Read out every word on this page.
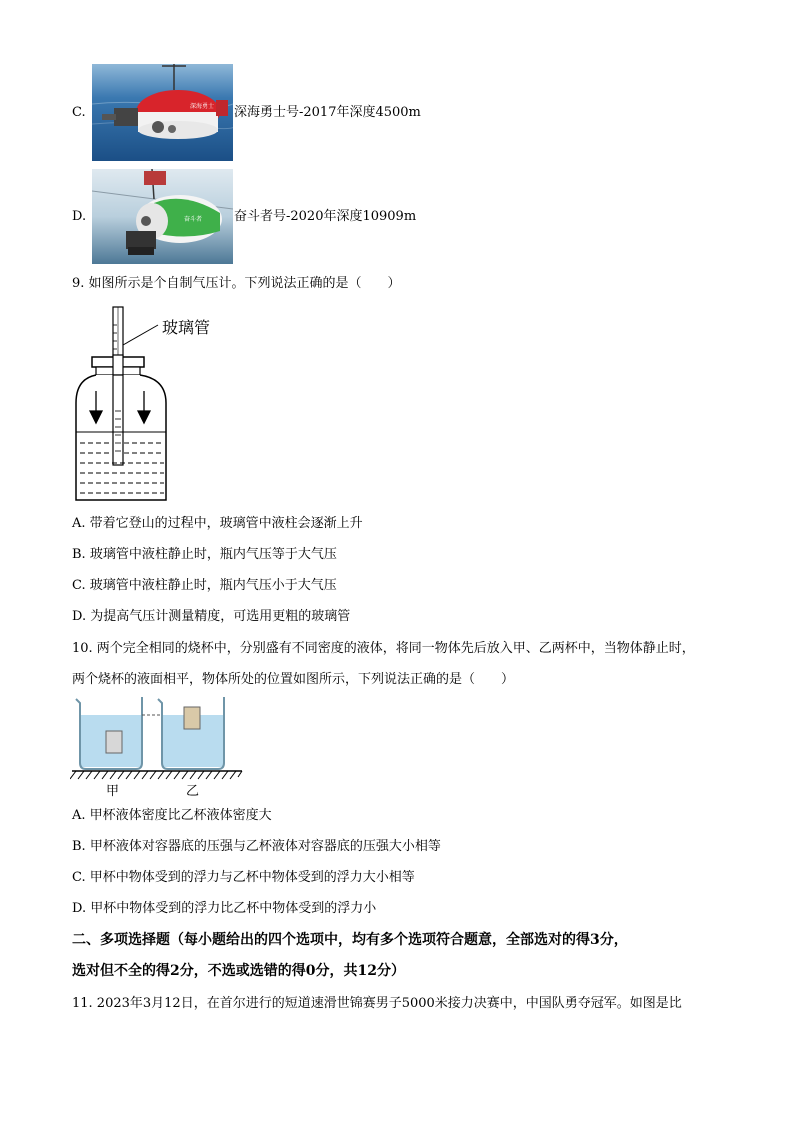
C.	深海勇士 深海勇士号-2017年深度4500m
D.	奋斗者 奋斗者号-2020年深度10909m
9. 如图所示是个自制气压计。下列说法正确的是（　　）
玻璃管
A. 带着它登山的过程中，玻璃管中液柱会逐渐上升
B. 玻璃管中液柱静止时，瓶内气压等于大气压
C. 玻璃管中液柱静止时，瓶内气压小于大气压
D. 为提高气压计测量精度，可选用更粗的玻璃管
10. 两个完全相同的烧杯中，分别盛有不同密度的液体，将同一物体先后放入甲、乙两杯中，当物体静止时，
两个烧杯的液面相平，物体所处的位置如图所示，下列说法正确的是（　　）
甲	乙
A. 甲杯液体密度比乙杯液体密度大
B. 甲杯液体对容器底的压强与乙杯液体对容器底的压强大小相等
C. 甲杯中物体受到的浮力与乙杯中物体受到的浮力大小相等
D. 甲杯中物体受到的浮力比乙杯中物体受到的浮力小
二、多项选择题（每小题给出的四个选项中，均有多个选项符合题意，全部选对的得3分，
选对但不全的得2分，不选或选错的得0分，共12分）
11. 2023年3月12日，在首尔进行的短道速滑世锦赛男子5000米接力决赛中，中国队勇夺冠军。如图是比
